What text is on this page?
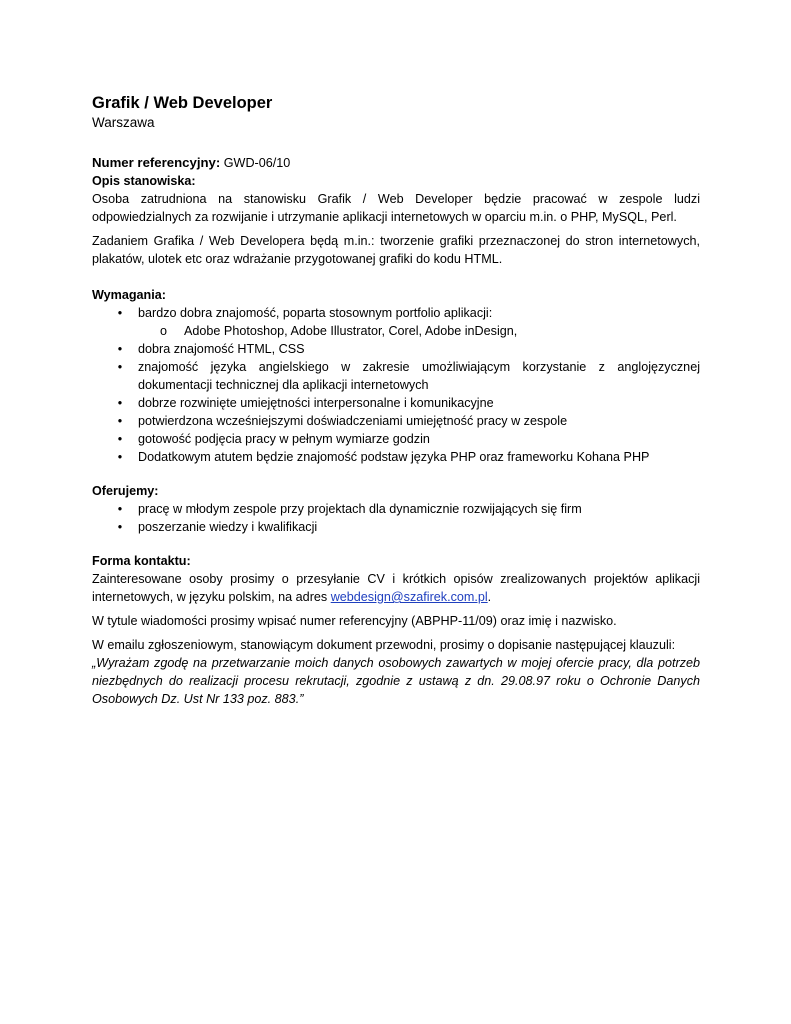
Grafik / Web Developer
Warszawa
Numer referencyjny: GWD-06/10
Opis stanowiska:

Osoba zatrudniona na stanowisku Grafik / Web Developer będzie pracować w zespole ludzi odpowiedzialnych za rozwijanie i utrzymanie aplikacji internetowych w oparciu m.in. o PHP, MySQL, Perl.

Zadaniem Grafika / Web Developera będą m.in.: tworzenie grafiki przeznaczonej do stron internetowych, plakatów, ulotek etc oraz wdrażanie przygotowanej grafiki do kodu HTML.

Wymagania:
• bardzo dobra znajomość, poparta stosownym portfolio aplikacji:
o Adobe Photoshop, Adobe Illustrator, Corel, Adobe inDesign,
• dobra znajomość HTML, CSS
• znajomość języka angielskiego w zakresie umożliwiającym korzystanie z anglojęzycznej dokumentacji technicznej dla aplikacji internetowych
• dobrze rozwinięte umiejętności interpersonalne i komunikacyjne
• potwierdzona wcześniejszymi doświadczeniami umiejętność pracy w zespole
• gotowość podjęcia pracy w pełnym wymiarze godzin
• Dodatkowym atutem będzie znajomość podstaw języka PHP oraz frameworku Kohana PHP
Oferujemy:
• pracę w młodym zespole przy projektach dla dynamicznie rozwijających się firm
• poszerzanie wiedzy i kwalifikacji
Forma kontaktu:

Zainteresowane osoby prosimy o przesyłanie CV i krótkich opisów zrealizowanych projektów aplikacji internetowych, w języku polskim, na adres webdesign@szafirek.com.pl.

W tytule wiadomości prosimy wpisać numer referencyjny (ABPHP-11/09) oraz imię i nazwisko.

W emailu zgłoszeniowym, stanowiącym dokument przewodni, prosimy o dopisanie następującej klauzuli:
„Wyrażam zgodę na przetwarzanie moich danych osobowych zawartych w mojej ofercie pracy, dla potrzeb niezbędnych do realizacji procesu rekrutacji, zgodnie z ustawą z dn. 29.08.97 roku o Ochronie Danych Osobowych Dz. Ust Nr 133 poz. 883.”
